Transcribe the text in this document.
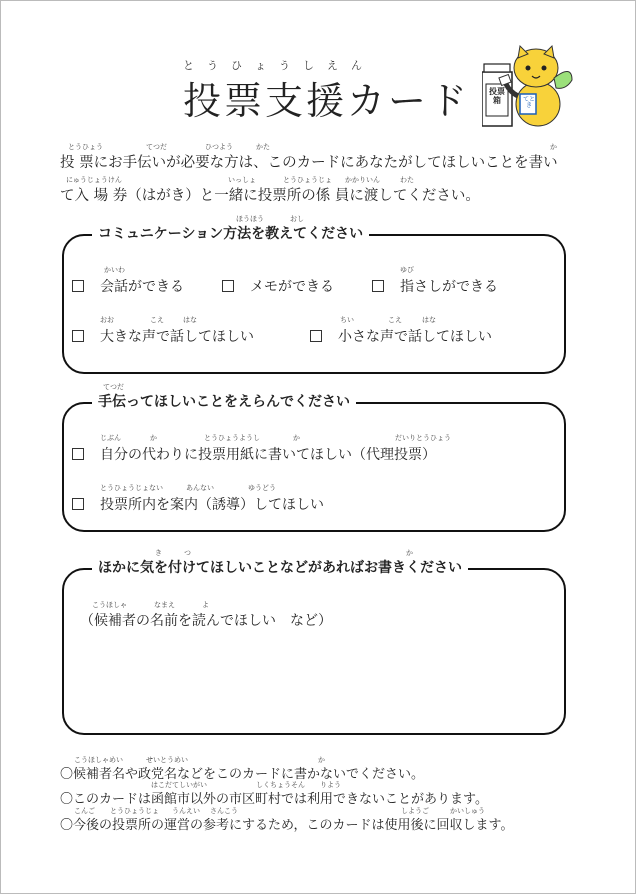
とうひょうしえん
投票支援カード 投票箱	てとき
とうひょう	てつだ	ひつよう	かた	か
投 票にお手伝いが必要な方は、このカードにあなたがしてほしいことを書い
にゅうじょうけん	いっしょ	とうひょうじょ かかりいん	わた
て入 場 券（はがき）と一緒に投票所の係 員に渡してください。
ほうほう	おし
コミュニケーション方法を教えてください
かいわ
会話ができる	メモができる
ゆび
指さしができる
おお	こえ	はな
大きな声で話してほしい
ちい	こえ	はな
小さな声で話してほしい
てつだ
手伝ってほしいことをえらんでください
じぶん	か	とうひょうようし	か	だいりとうひょう
自分の代わりに投票用紙に書いてほしい（代理投票）
とうひょうじょない	あんない	ゆうどう
投票所内を案内（誘導）してほしい
き	つ	か
ほかに気を付けてほしいことなどがあればお書きください
こうほしゃ	なまえ	よ
（候補者の名前を読んでほしい　など）
こうほしゃめい	せいとうめい	か
〇候補者名や政党名などをこのカードに書かないでください。
はこだてしいがい	しくちょうそん りよう
〇このカードは函館市以外の市区町村では利用できないことがあります。
こんご とうひょうじょ うんえい さんこう	しようご	かいしゅう
〇今後の投票所の運営の参考にするため，このカードは使用後に回収します。
